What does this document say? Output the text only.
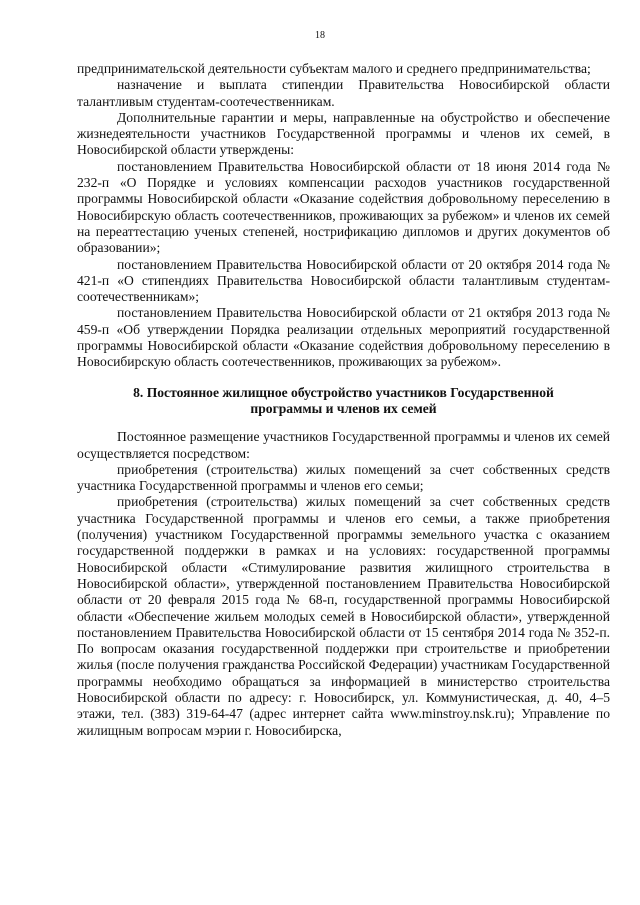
18

предпринимательской деятельности субъектам малого и среднего предпринимательства;

назначение и выплата стипендии Правительства Новосибирской области талантливым студентам-соотечественникам.

Дополнительные гарантии и меры, направленные на обустройство и обеспечение жизнедеятельности участников Государственной программы и членов их семей, в Новосибирской области утверждены:

постановлением Правительства Новосибирской области от 18 июня 2014 года № 232-п «О Порядке и условиях компенсации расходов участников государственной программы Новосибирской области «Оказание содействия добровольному переселению в Новосибирскую область соотечественников, проживающих за рубежом» и членов их семей на переаттестацию ученых степеней, нострификацию дипломов и других документов об образовании»;

постановлением Правительства Новосибирской области от 20 октября 2014 года № 421-п «О стипендиях Правительства Новосибирской области талантливым студентам-соотечественникам»;

постановлением Правительства Новосибирской области от 21 октября 2013 года № 459-п «Об утверждении Порядка реализации отдельных мероприятий государственной программы Новосибирской области «Оказание содействия добровольному переселению в Новосибирскую область соотечественников, проживающих за рубежом».

8. Постоянное жилищное обустройство участников Государственной программы и членов их семей

Постоянное размещение участников Государственной программы и членов их семей осуществляется посредством:

приобретения (строительства) жилых помещений за счет собственных средств участника Государственной программы и членов его семьи;

приобретения (строительства) жилых помещений за счет собственных средств участника Государственной программы и членов его семьи, а также приобретения (получения) участником Государственной программы земельного участка с оказанием государственной поддержки в рамках и на условиях: государственной программы Новосибирской области «Стимулирование развития жилищного строительства в Новосибирской области», утвержденной постановлением Правительства Новосибирской области от 20 февраля 2015 года № 68-п, государственной программы Новосибирской области «Обеспечение жильем молодых семей в Новосибирской области», утвержденной постановлением Правительства Новосибирской области от 15 сентября 2014 года № 352-п. По вопросам оказания государственной поддержки при строительстве и приобретении жилья (после получения гражданства Российской Федерации) участникам Государственной программы необходимо обращаться за информацией в министерство строительства Новосибирской области по адресу: г. Новосибирск, ул. Коммунистическая, д. 40, 4–5 этажи, тел. (383) 319-64-47 (адрес интернет сайта www.minstroy.nsk.ru); Управление по жилищным вопросам мэрии г. Новосибирска,
